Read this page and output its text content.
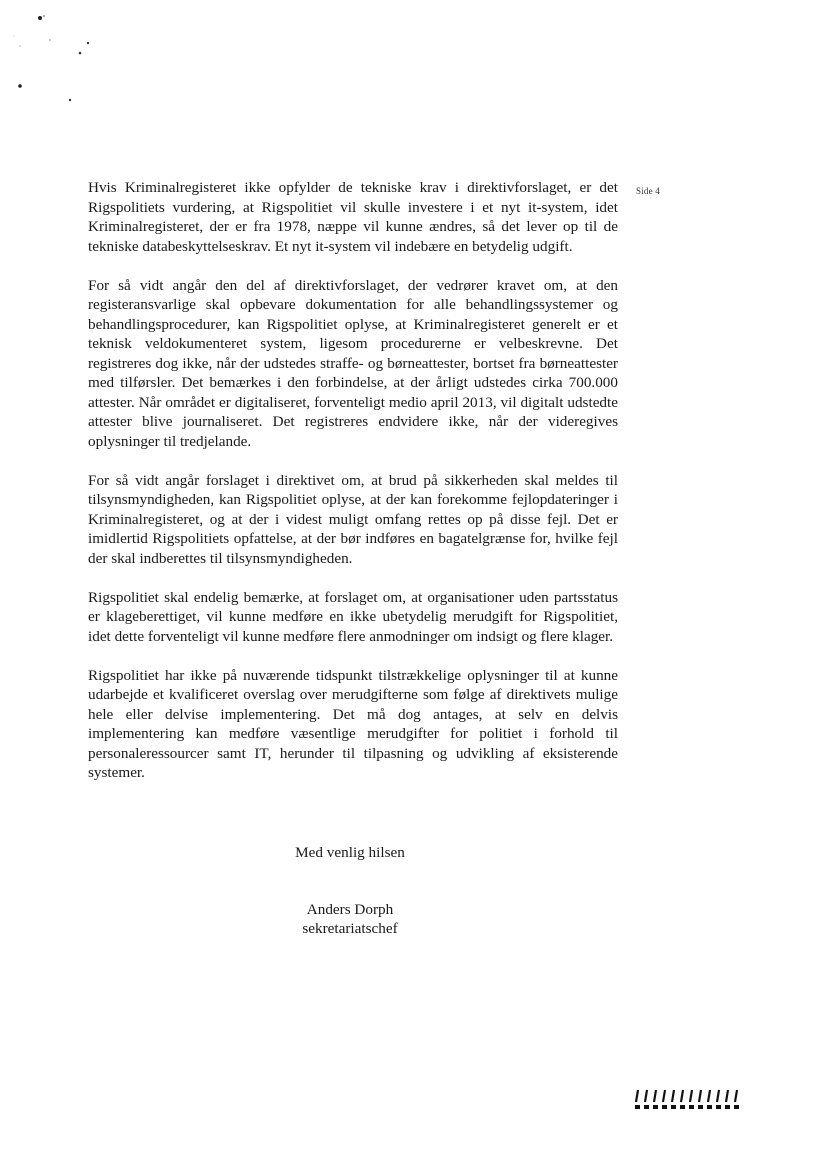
Side 4

Hvis Kriminalregisteret ikke opfylder de tekniske krav i direktivforslaget, er det Rigspolitiets vurdering, at Rigspolitiet vil skulle investere i et nyt it-system, idet Kriminalregisteret, der er fra 1978, næppe vil kunne ændres, så det lever op til de tekniske databeskyttelseskrav. Et nyt it-system vil indebære en betydelig udgift.

For så vidt angår den del af direktivforslaget, der vedrører kravet om, at den registeransvarlige skal opbevare dokumentation for alle behandlingssystemer og behandlingsprocedurer, kan Rigspolitiet oplyse, at Kriminalregisteret generelt er et teknisk veldokumenteret system, ligesom procedurerne er velbeskrevne. Det registreres dog ikke, når der udstedes straffe- og børneattester, bortset fra børneattester med tilførsler. Det bemærkes i den forbindelse, at der årligt udstedes cirka 700.000 attester. Når området er digitaliseret, forventeligt medio april 2013, vil digitalt udstedte attester blive journaliseret. Det registreres endvidere ikke, når der videregives oplysninger til tredjelande.

For så vidt angår forslaget i direktivet om, at brud på sikkerheden skal meldes til tilsynsmyndigheden, kan Rigspolitiet oplyse, at der kan forekomme fejlopdateringer i Kriminalregisteret, og at der i videst muligt omfang rettes op på disse fejl. Det er imidlertid Rigspolitiets opfattelse, at der bør indføres en bagatelgrænse for, hvilke fejl der skal indberettes til tilsynsmyndigheden.

Rigspolitiet skal endelig bemærke, at forslaget om, at organisationer uden partsstatus er klageberettiget, vil kunne medføre en ikke ubetydelig merudgift for Rigspolitiet, idet dette forventeligt vil kunne medføre flere anmodninger om indsigt og flere klager.

Rigspolitiet har ikke på nuværende tidspunkt tilstrækkelige oplysninger til at kunne udarbejde et kvalificeret overslag over merudgifterne som følge af direktivets mulige hele eller delvise implementering. Det må dog antages, at selv en delvis implementering kan medføre væsentlige merudgifter for politiet i forhold til personaleressourcer samt IT, herunder til tilpasning og udvikling af eksisterende systemer.

Med venlig hilsen
Anders Dorph
sekretariatschef
